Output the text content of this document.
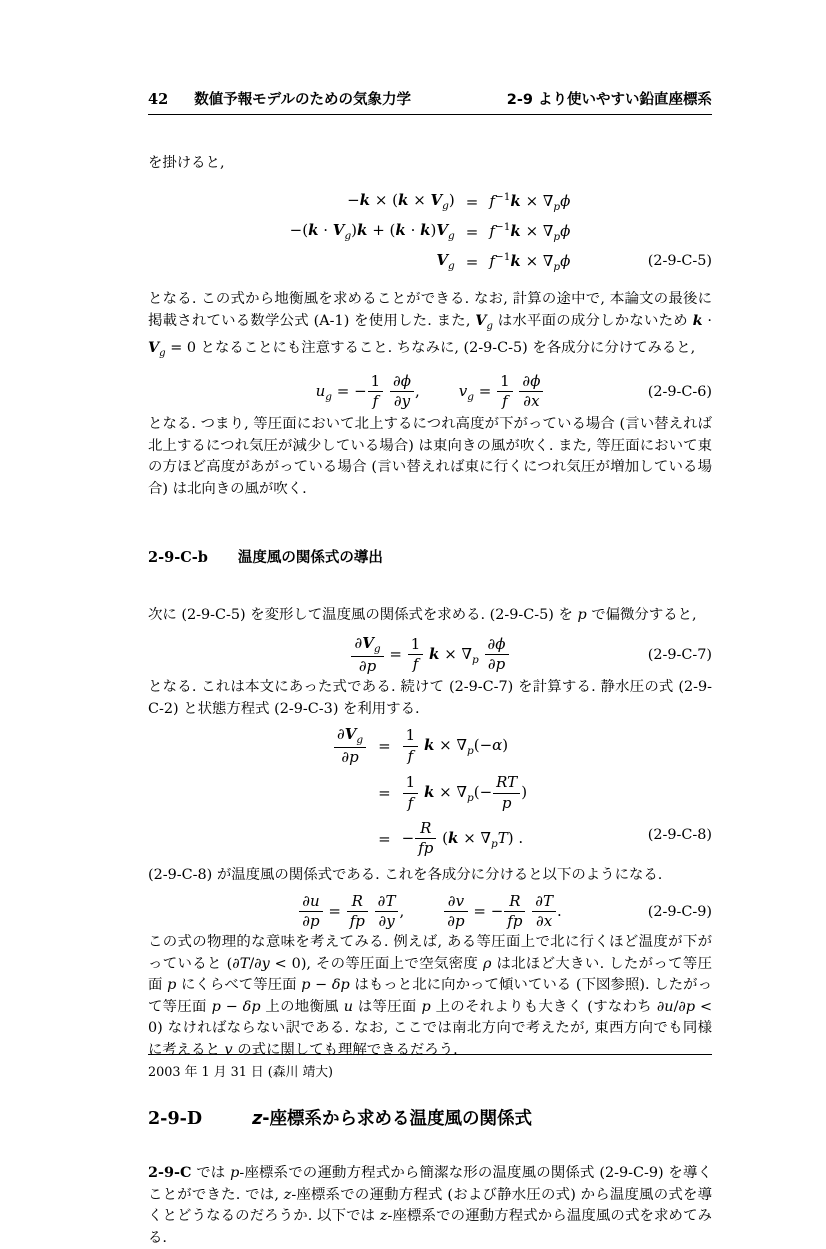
42 数値予報モデルのための気象力学	2-9 より使いやすい鉛直座標系

を掛けると,

$-k \times (k \times V_g)$	=	$f^{-1}k \times \nabla_p\phi$
$-(k \cdot V_g)k + (k \cdot k)V_g$	=	$f^{-1}k \times \nabla_p\phi$
$V_g$	=	$f^{-1}k \times \nabla_p\phi$	(2-9-C-5)

となる. この式から地衡風を求めることができる. なお, 計算の途中で, 本論文の最後に掲載されている数学公式 (A-1) を使用した. また, $V_g$ は水平面の成分しかないため $k \cdot V_g = 0$ となることにも注意すること. ちなみに, (2-9-C-5) を各成分に分けてみると,

$u_g$ = − $\frac{1}{f}$
$\frac{\partial\phi}{\partial y}$ ,	$v_g = \frac{1}{f}$
$\frac{\partial\phi}{\partial x}$	(2-9-C-6)

となる. つまり, 等圧面において北上するにつれ高度が下がっている場合 (言い替えれば北上するにつれ気圧が減少している場合) は東向きの風が吹く. また, 等圧面において東の方ほど高度があがっている場合 (言い替えれば東に行くにつれ気圧が増加している場合) は北向きの風が吹く.

2-9-C-b 温度風の関係式の導出

次に (2-9-C-5) を変形して温度風の関係式を求める. (2-9-C-5) を p で偏微分すると,

$\frac{\partial V_g}{\partial p} = \frac{1}{f}$ $k \times \nabla_p \frac{\partial\phi}{\partial p}$	(2-9-C-7)

となる. これは本文にあった式である. 続けて (2-9-C-7) を計算する. 静水圧の式 (2-9-C-2) と状態方程式 (2-9-C-3) を利用する.

$\frac{\partial V_g}{\partial p}$	=	$\frac{1}{f}$ $k \times \nabla_p(-\alpha)$
	=	$\frac{1}{f}$ $k \times \nabla_p(- \frac{RT}{p}$ )
	=	− $\frac{R}{fp} (k \times \nabla_pT)$ .	(2-9-C-8)

(2-9-C-8) が温度風の関係式である. これを各成分に分けると以下のようになる.

$\frac{\partial u}{\partial p} = \frac{R}{fp}$
$\frac{\partial T}{\partial y}$ ,	$\frac{\partial v}{\partial p}$ = − $\frac{R}{fp}$
$\frac{\partial T}{\partial x}$ .	(2-9-C-9)

この式の物理的な意味を考えてみる. 例えば, ある等圧面上で北に行くほど温度が下がっていると (∂T/∂y < 0), その等圧面上で空気密度 ρ は北ほど大きい. したがって等圧面 p にくらべて等圧面 p − δp はもっと北に向かって傾いている (下図参照). したがって等圧面 p − δp 上の地衡風 u は等圧面 p 上のそれよりも大きく (すなわち ∂u/∂p < 0) なければならない訳である. なお, ここでは南北方向で考えたが, 東西方向でも同様に考えると v の式に関しても理解できるだろう.

2-9-D	z-座標系から求める温度風の関係式

2-9-C では p-座標系での運動方程式から簡潔な形の温度風の関係式 (2-9-C-9) を導くことができた. では, z-座標系での運動方程式 (および静水圧の式) から温度風の式を導くとどうなるのだろうか. 以下では z-座標系での運動方程式から温度風の式を求めてみる.

2003 年 1 月 31 日 (森川 靖大)
